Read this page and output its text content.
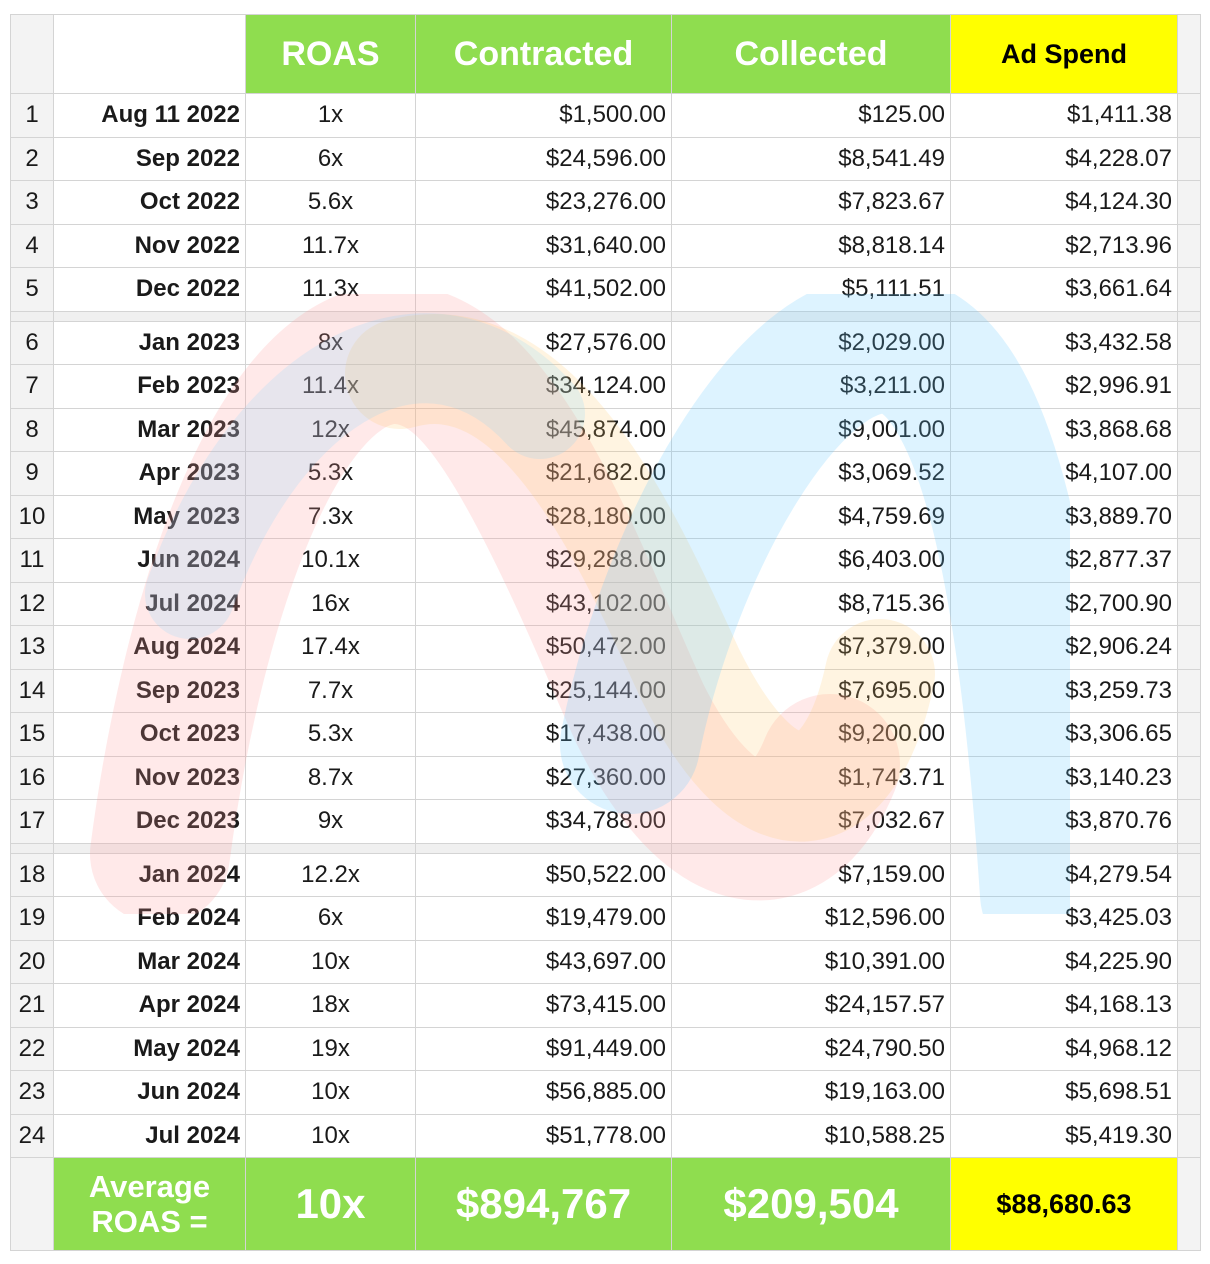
		ROAS	Contracted	Collected	Ad Spend	
1	Aug 11 2022	1x	$1,500.00	$125.00	$1,411.38	
2	Sep 2022	6x	$24,596.00	$8,541.49	$4,228.07	
3	Oct 2022	5.6x	$23,276.00	$7,823.67	$4,124.30	
4	Nov 2022	11.7x	$31,640.00	$8,818.14	$2,713.96	
5	Dec 2022	11.3x	$41,502.00	$5,111.51	$3,661.64	

6	Jan 2023	8x	$27,576.00	$2,029.00	$3,432.58	
7	Feb 2023	11.4x	$34,124.00	$3,211.00	$2,996.91	
8	Mar 2023	12x	$45,874.00	$9,001.00	$3,868.68	
9	Apr 2023	5.3x	$21,682.00	$3,069.52	$4,107.00	
10	May 2023	7.3x	$28,180.00	$4,759.69	$3,889.70	
11	Jun 2024	10.1x	$29,288.00	$6,403.00	$2,877.37	
12	Jul 2024	16x	$43,102.00	$8,715.36	$2,700.90	
13	Aug 2024	17.4x	$50,472.00	$7,379.00	$2,906.24	
14	Sep 2023	7.7x	$25,144.00	$7,695.00	$3,259.73	
15	Oct 2023	5.3x	$17,438.00	$9,200.00	$3,306.65	
16	Nov 2023	8.7x	$27,360.00	$1,743.71	$3,140.23	
17	Dec 2023	9x	$34,788.00	$7,032.67	$3,870.76	

18	Jan 2024	12.2x	$50,522.00	$7,159.00	$4,279.54	
19	Feb 2024	6x	$19,479.00	$12,596.00	$3,425.03	
20	Mar 2024	10x	$43,697.00	$10,391.00	$4,225.90	
21	Apr 2024	18x	$73,415.00	$24,157.57	$4,168.13	
22	May 2024	19x	$91,449.00	$24,790.50	$4,968.12	
23	Jun 2024	10x	$56,885.00	$19,163.00	$5,698.51	
24	Jul 2024	10x	$51,778.00	$10,588.25	$5,419.30	
	Average ROAS =	10x	$894,767	$209,504	$88,680.63	
